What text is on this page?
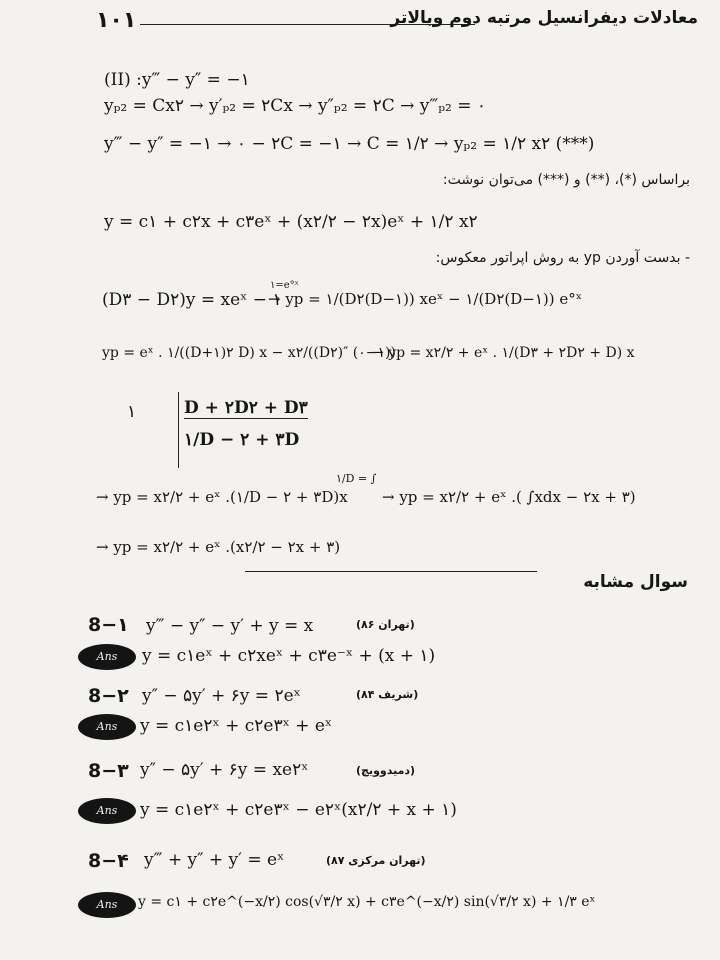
۱۰۱	معادلات دیفرانسیل مرتبه دوم وبالاتر
(II) :y‴ − y″ = −۱
yₚ₂ = Cx۲ → y′ₚ₂ = ۲Cx → y″ₚ₂ = ۲C → y‴ₚ₂ = ۰
y‴ − y″ = −۱ → ۰ − ۲C = −۱ → C = ۱/۲ → yₚ₂ = ۱/۲ x۲ (***)
براساس (*)، (**) و (***) می‌توان نوشت:
y = c۱ + c۲x + c۳eˣ + (x۲/۲ − ۲x)eˣ + ۱/۲ x۲
- بدست آوردن yp به روش اپراتور معکوس:
(D۳ − D۲)y = xeˣ − ۱
۱=e°ˣ
→ yp = ۱/(D۲(D−۱)) xeˣ − ۱/(D۲(D−۱)) e°ˣ
yp = eˣ . ۱/((D+۱)۲ D) x − x۲/((D۲)″ (۰−۱))
→ yp = x۲/۲ + eˣ . ۱/(D۳ + ۲D۲ + D) x
۱	D + ۲D۲ + D۳
۱/D − ۲ + ۳D
→ yp = x۲/۲ + eˣ .(۱/D − ۲ + ۳D)x
۱/D = ∫
→ yp = x۲/۲ + eˣ .( ∫xdx − ۲x + ۳)
→ yp = x۲/۲ + eˣ .(x۲/۲ − ۲x + ۳)
سوال مشابه
8−۱ y‴ − y″ − y′ + y = x	(تهران ۸۶)
Ans	y = c۱eˣ + c۲xeˣ + c۳e⁻ˣ + (x + ۱)
8−۲ y″ − ۵y′ + ۶y = ۲eˣ	(شریف ۸۴)
Ans	y = c۱e۲ˣ + c۲e۳ˣ + eˣ
8−۳ y″ − ۵y′ + ۶y = xe۲ˣ	(دمیدوویچ)
Ans	y = c۱e۲ˣ + c۲e۳ˣ − e۲ˣ(x۲/۲ + x + ۱)
8−۴ y‴ + y″ + y′ = eˣ	(تهران مرکزی ۸۷)
Ans	y = c۱ + c۲e^(−x/۲) cos(√۳/۲ x) + c۳e^(−x/۲) sin(√۳/۲ x) + ۱/۳ eˣ
